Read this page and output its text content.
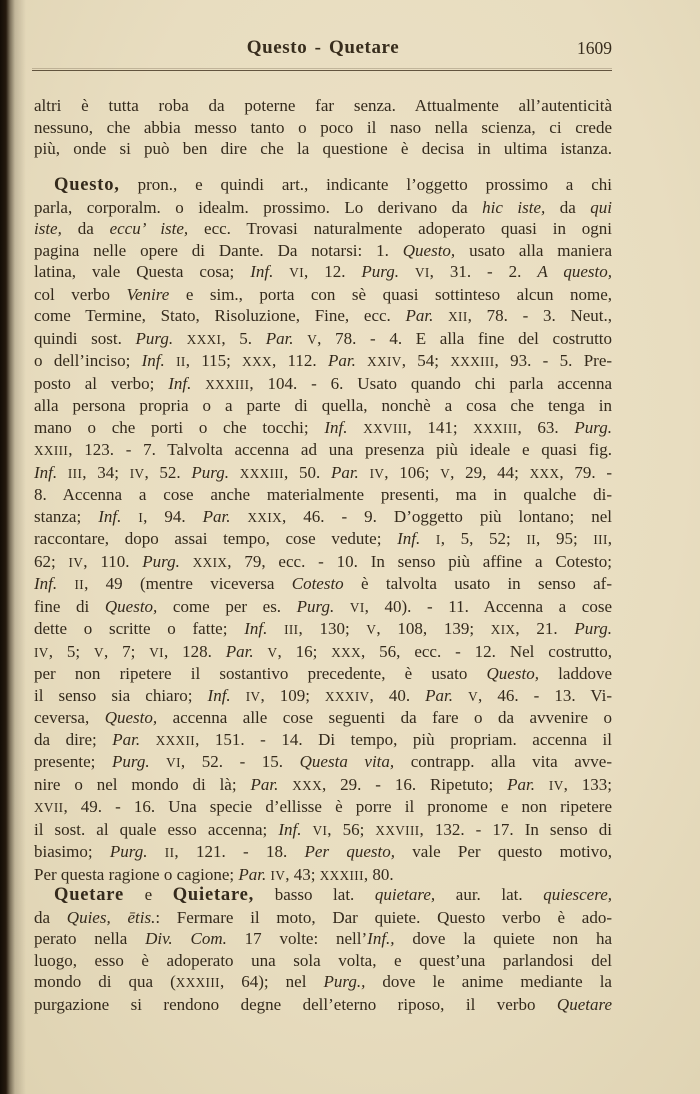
Questo - Quetare	1609
altri è tutta roba da poterne far senza. Attualmente all’autenticità
nessuno, che abbia messo tanto o poco il naso nella scienza, ci crede
più, onde si può ben dire che la questione è decisa in ultima istanza.
Questo, pron., e quindi art., indicante l’oggetto prossimo a chi
parla, corporalm. o idealm. prossimo. Lo derivano da hic iste, da qui
iste, da eccu’ iste, ecc. Trovasi naturalmente adoperato quasi in ogni
pagina nelle opere di Dante. Da notarsi: 1. Questo, usato alla maniera
latina, vale Questa cosa; Inf. VI, 12. Purg. VI, 31. - 2. A questo,
col verbo Venire e sim., porta con sè quasi sottinteso alcun nome,
come Termine, Stato, Risoluzione, Fine, ecc. Par. XII, 78. - 3. Neut.,
quindi sost. Purg. XXXI, 5. Par. V, 78. - 4. E alla fine del costrutto
o dell’inciso; Inf. II, 115; XXX, 112. Par. XXIV, 54; XXXIII, 93. - 5. Pre-
posto al verbo; Inf. XXXIII, 104. - 6. Usato quando chi parla accenna
alla persona propria o a parte di quella, nonchè a cosa che tenga in
mano o che porti o che tocchi; Inf. XXVIII, 141; XXXIII, 63. Purg.
XXIII, 123. - 7. Talvolta accenna ad una presenza più ideale e quasi fig.
Inf. III, 34; IV, 52. Purg. XXXIII, 50. Par. IV, 106; V, 29, 44; XXX, 79. -
8. Accenna a cose anche materialmente presenti, ma in qualche di-
stanza; Inf. I, 94. Par. XXIX, 46. - 9. D’oggetto più lontano; nel
raccontare, dopo assai tempo, cose vedute; Inf. I, 5, 52; II, 95; III,
62; IV, 110. Purg. XXIX, 79, ecc. - 10. In senso più affine a Cotesto;
Inf. II, 49 (mentre viceversa Cotesto è talvolta usato in senso af-
fine di Questo, come per es. Purg. VI, 40). - 11. Accenna a cose
dette o scritte o fatte; Inf. III, 130; V, 108, 139; XIX, 21. Purg.
IV, 5; V, 7; VI, 128. Par. V, 16; XXX, 56, ecc. - 12. Nel costrutto,
per non ripetere il sostantivo precedente, è usato Questo, laddove
il senso sia chiaro; Inf. IV, 109; XXXIV, 40. Par. V, 46. - 13. Vi-
ceversa, Questo, accenna alle cose seguenti da fare o da avvenire o
da dire; Par. XXXII, 151. - 14. Di tempo, più propriam. accenna il
presente; Purg. VI, 52. - 15. Questa vita, contrapp. alla vita avve-
nire o nel mondo di là; Par. XXX, 29. - 16. Ripetuto; Par. IV, 133;
XVII, 49. - 16. Una specie d’ellisse è porre il pronome e non ripetere
il sost. al quale esso accenna; Inf. VI, 56; XXVIII, 132. - 17. In senso di
biasimo; Purg. II, 121. - 18. Per questo, vale Per questo motivo,
Per questa ragione o cagione; Par. IV, 43; XXXIII, 80.
Quetare e Quietare, basso lat. quietare, aur. lat. quiescere,
da Quies, ētis.: Fermare il moto, Dar quiete. Questo verbo è ado-
perato nella Div. Com. 17 volte: nell’Inf., dove la quiete non ha
luogo, esso è adoperato una sola volta, e quest’una parlandosi del
mondo di qua (XXXIII, 64); nel Purg., dove le anime mediante la
purgazione si rendono degne dell’eterno riposo, il verbo Quetare
